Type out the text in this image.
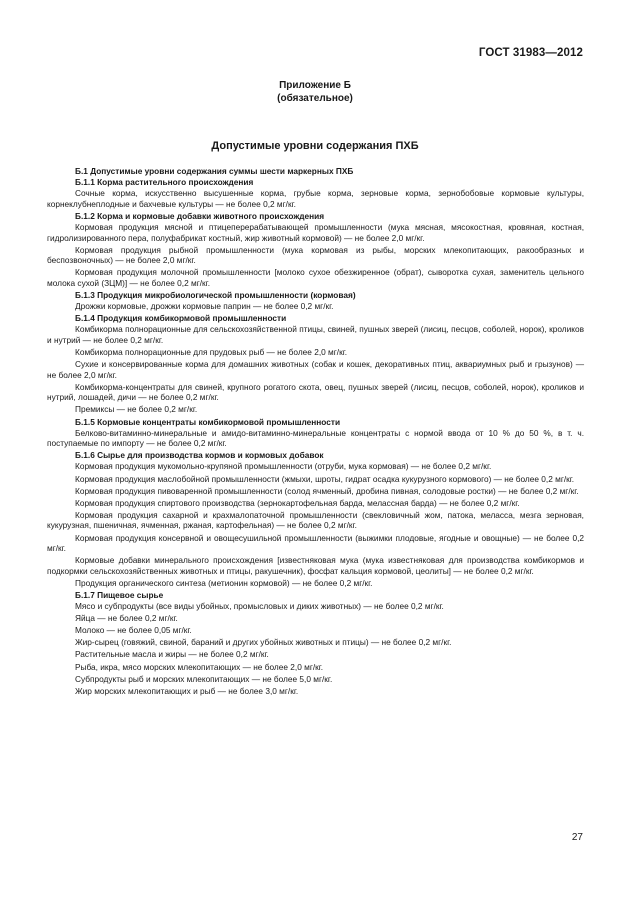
ГОСТ 31983—2012
Приложение Б
(обязательное)
Допустимые уровни содержания ПХБ

Б.1 Допустимые уровни содержания суммы шести маркерных ПХБ

Б.1.1 Корма растительного происхождения

Сочные корма, искусственно высушенные корма, грубые корма, зерновые корма, зернобобовые кормовые культуры, корнеклубнеплодные и бахчевые культуры — не более 0,2 мг/кг.

Б.1.2 Корма и кормовые добавки животного происхождения

Кормовая продукция мясной и птицеперерабатывающей промышленности (мука мясная, мясокостная, кровяная, костная, гидролизированного пера, полуфабрикат костный, жир животный кормовой) — не более 2,0 мг/кг.

Кормовая продукция рыбной промышленности (мука кормовая из рыбы, морских млекопитающих, ракообразных и беспозвоночных) — не более 2,0 мг/кг.

Кормовая продукция молочной промышленности [молоко сухое обезжиренное (обрат), сыворотка сухая, заменитель цельного молока сухой (ЗЦМ)] — не более 0,2 мг/кг.

Б.1.3 Продукция микробиологической промышленности (кормовая)

Дрожжи кормовые, дрожжи кормовые паприн — не более 0,2 мг/кг.

Б.1.4 Продукция комбикормовой промышленности

Комбикорма полнорационные для сельскохозяйственной птицы, свиней, пушных зверей (лисиц, песцов, соболей, норок), кроликов и нутрий — не более 0,2 мг/кг.

Комбикорма полнорационные для прудовых рыб — не более 2,0 мг/кг.

Сухие и консервированные корма для домашних животных (собак и кошек, декоративных птиц, аквариумных рыб и грызунов) — не более 2,0 мг/кг.

Комбикорма-концентраты для свиней, крупного рогатого скота, овец, пушных зверей (лисиц, песцов, соболей, норок), кроликов и нутрий, лошадей, дичи — не более 0,2 мг/кг.

Премиксы — не более 0,2 мг/кг.

Б.1.5 Кормовые концентраты комбикормовой промышленности

Белково-витаминно-минеральные и амидо-витаминно-минеральные концентраты с нормой ввода от 10 % до 50 %, в т. ч. поступаемые по импорту — не более 0,2 мг/кг.

Б.1.6 Сырье для производства кормов и кормовых добавок

Кормовая продукция мукомольно-крупяной промышленности (отруби, мука кормовая) — не более 0,2 мг/кг.

Кормовая продукция маслобойной промышленности (жмыхи, шроты, гидрат осадка кукурузного кормового) — не более 0,2 мг/кг.

Кормовая продукция пивоваренной промышленности (солод ячменный, дробина пивная, солодовые ростки) — не более 0,2 мг/кг.

Кормовая продукция спиртового производства (зернокартофельная барда, мелассная барда) — не более 0,2 мг/кг.

Кормовая продукция сахарной и крахмалопаточной промышленности (свекловичный жом, патока, меласса, мезга зерновая, кукурузная, пшеничная, ячменная, ржаная, картофельная) — не более 0,2 мг/кг.

Кормовая продукция консервной и овощесушильной промышленности (выжимки плодовые, ягодные и овощные) — не более 0,2 мг/кг.

Кормовые добавки минерального происхождения [известняковая мука (мука известняковая для производства комбикормов и подкормки сельскохозяйственных животных и птицы, ракушечник), фосфат кальция кормовой, цеолиты] — не более 0,2 мг/кг.

Продукция органического синтеза (метионин кормовой) — не более 0,2 мг/кг.

Б.1.7 Пищевое сырье

Мясо и субпродукты (все виды убойных, промысловых и диких животных) — не более 0,2 мг/кг.

Яйца — не более 0,2 мг/кг.

Молоко — не более 0,05 мг/кг.

Жир-сырец (говяжий, свиной, бараний и других убойных животных и птицы) — не более 0,2 мг/кг.

Растительные масла и жиры — не более 0,2 мг/кг.

Рыба, икра, мясо морских млекопитающих — не более 2,0 мг/кг.

Субпродукты рыб и морских млекопитающих — не более 5,0 мг/кг.

Жир морских млекопитающих и рыб — не более 3,0 мг/кг.

27
